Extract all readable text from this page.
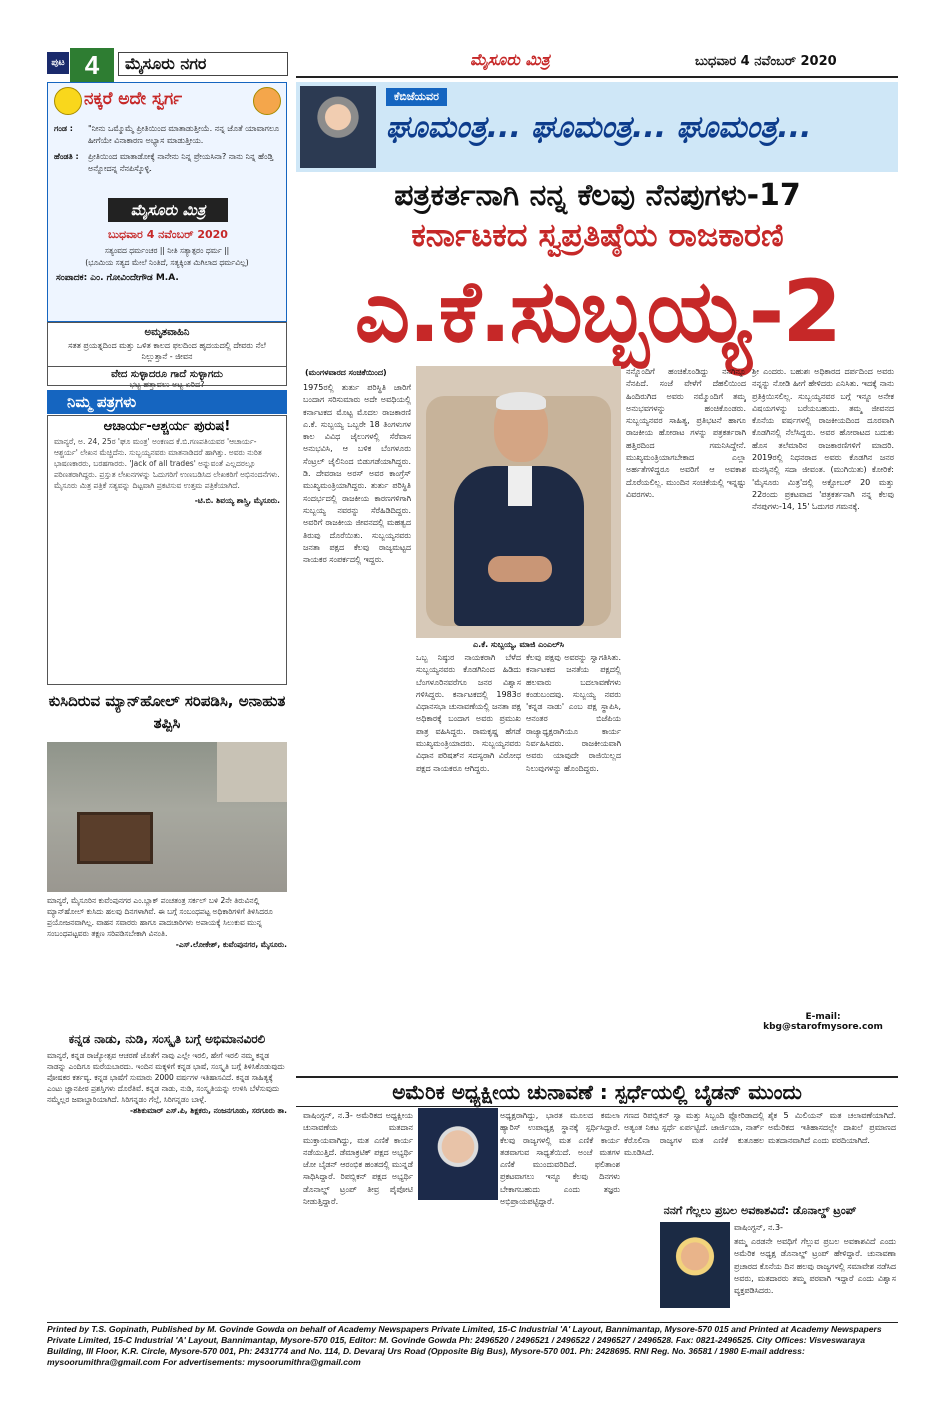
ಪುಟ 4	ಮೈಸೂರು ನಗರ	ಮೈಸೂರು ಮಿತ್ರ	ಬುಧವಾರ 4 ನವೆಂಬರ್ 2020
ನಕ್ಕರೆ ಅದೇ ಸ್ವರ್ಗ
ಗಂಡ :	"ನೀನು ಒಮ್ಮೊಮ್ಮೆ ಪ್ರೀತಿಯಿಂದ ಮಾತಾಡುತ್ತೀಯೆ. ನನ್ನ ಜೊತೆ ಯಾವಾಗಲೂ ಹೀಗೆಯೇ ವಿನಾಕಾರಣ ಅಭ್ಯಾಸ ಮಾಡುತ್ತೀಯ.
ಹೆಂಡತಿ :	ಪ್ರೀತಿಯಿಂದ ಮಾತಾಡೋಕ್ಕೆ ನಾನೇನು ನಿನ್ನ ಪ್ರೇಯಸಿನಾ? ನಾನು ನಿನ್ನ ಹೆಂಡ್ತಿ ಅನ್ನೋದನ್ನ ನೆನಪಿಸ್ಕೊಳ್ಳಿ.
ಮೈಸೂರು ಮಿತ್ರ
ಬುಧವಾರ 4 ನವೆಂಬರ್ 2020
ಸತ್ಯಂವದ ಧರ್ಮಂಚರ || ನೀತಿ ಸತ್ಯಾತ್ಪರಂ ಧರ್ಮ ||
(ಭೂಮಿಯ ಸತ್ಯದ ಮೇಲೆ ನಿಂತಿದೆ, ಸತ್ಯಕ್ಕಿಂತ ಮಿಗಿಲಾದ ಧರ್ಮವಿಲ್ಲ)
ಸಂಪಾದಕ: ಎಂ. ಗೋವಿಂದೇಗೌಡ M.A.
ಅಮೃತವಾಹಿನಿ
ಸತತ ಪ್ರಯತ್ನದಿಂದ ಮತ್ತು ಒಳಿತ ಕಾಲದ ಫಲದಿಂದ ಹೃದಯದಲ್ಲಿ ದೇವರು ನೆಲೆ ನಿಲ್ಲುತ್ತಾನೆ - ಜೀವನ
ವೇದ ಸುಳ್ಳಾದರೂ ಗಾದೆ ಸುಳ್ಳಾಗದು
ಭಟ್ಟ ಹತ್ತಾವಲು ಅಟ್ಟ ಏರಿದ?
ನಿಮ್ಮ ಪತ್ರಗಳು
ಆಚಾರ್ಯ-ಆಶ್ಚರ್ಯ ಪುರುಷ!
ಮಾನ್ಯರೆ, ಅ. 24, 25ರ 'ಘೂ ಮಂತ್ರ' ಅಂಕಣದ ಕೆ.ಬಿ.ಗಣಪತಿಯವರ 'ಆಚಾರ್ಯ-ಆಶ್ಚರ್ಯ' ಲೇಖನ ಮೆಚ್ಚಿದೆನು. ಸುಬ್ಬಯ್ಯನವರು ಮಾತನಾಡಿದರೆ ಹಾಗಿತ್ತು. ಅವರು ನುರಿತ ಭಾಷಣಕಾರರು, ಬರಹಗಾರರು. 'Jack of all trades' ಅನ್ನುವಂತೆ ಎಲ್ಲದರಲ್ಲೂ ಪರಿಣತರಾಗಿದ್ದರು. ಪ್ರಸ್ತುತ ಲೇಖನಗಳನ್ನು ಓದುಗರಿಗೆ ಉಣಬಡಿಸಿದ ಲೇಖಕರಿಗೆ ಅಭಿನಂದನೆಗಳು. ಮೈಸೂರು ಮಿತ್ರ ಪತ್ರಿಕೆ ಸತ್ಯವನ್ನು ದಿಟ್ಟವಾಗಿ ಪ್ರಕಟಿಸುವ ಉತ್ತಮ ಪತ್ರಿಕೆಯಾಗಿದೆ.
-ಟಿ.ಬಿ. ಶಿವಯ್ಯ ಶಾಸ್ತ್ರಿ, ಮೈಸೂರು.
ಕುಸಿದಿರುವ ಮ್ಯಾನ್‌ಹೋಲ್ ಸರಿಪಡಿಸಿ, ಅನಾಹುತ ತಪ್ಪಿಸಿ
ಮಾನ್ಯರೆ, ಮೈಸೂರಿನ ಕುವೆಂಪುನಗರ ಎಂ.ಬ್ಲಾಕ್ ಪಂಚತಂತ್ರ ಸರ್ಕಲ್ ಬಳಿ 2ನೇ ತಿರುವಿನಲ್ಲಿ ಮ್ಯಾನ್‌ಹೋಲ್ ಕುಸಿದು ಹಲವು ದಿನಗಳಾಗಿವೆ. ಈ ಬಗ್ಗೆ ಸಂಬಂಧಪಟ್ಟ ಅಧಿಕಾರಿಗಳಿಗೆ ತಿಳಿಸಿದರೂ ಪ್ರಯೋಜನವಾಗಿಲ್ಲ. ವಾಹನ ಸವಾರರು ಹಾಗೂ ಪಾದಚಾರಿಗಳು ಅಪಾಯಕ್ಕೆ ಸಿಲುಕುವ ಮುನ್ನ ಸಂಬಂಧಪಟ್ಟವರು ತಕ್ಷಣ ಸರಿಪಡಿಸಬೇಕಾಗಿ ವಿನಂತಿ.
-ಎಸ್.ಲೋಕೇಶ್, ಕುವೆಂಪುನಗರ, ಮೈಸೂರು.
ಕನ್ನಡ ನಾಡು, ನುಡಿ, ಸಂಸ್ಕೃತಿ ಬಗ್ಗೆ ಅಭಿಮಾನವಿರಲಿ
ಮಾನ್ಯರೆ, ಕನ್ನಡ ರಾಜ್ಯೋತ್ಸವ ಆಚರಣೆ ಜೊತೆಗೆ ನಾವು ಎಲ್ಲೇ ಇರಲಿ, ಹೇಗೆ ಇರಲಿ ನಮ್ಮ ಕನ್ನಡ ನಾಡನ್ನು ಎಂದಿಗೂ ಮರೆಯಬಾರದು. ಇಂದಿನ ಮಕ್ಕಳಿಗೆ ಕನ್ನಡ ಭಾಷೆ, ಸಂಸ್ಕೃತಿ ಬಗ್ಗೆ ತಿಳಿಸಿಕೊಡುವುದು ಪೋಷಕರ ಕರ್ತವ್ಯ. ಕನ್ನಡ ಭಾಷೆಗೆ ಸುಮಾರು 2000 ವರ್ಷಗಳ ಇತಿಹಾಸವಿದೆ. ಕನ್ನಡ ಸಾಹಿತ್ಯಕ್ಕೆ ಎಂಟು ಜ್ಞಾನಪೀಠ ಪ್ರಶಸ್ತಿಗಳು ದೊರೆತಿವೆ. ಕನ್ನಡ ನಾಡು, ನುಡಿ, ಸಂಸ್ಕೃತಿಯನ್ನು ಉಳಿಸಿ ಬೆಳೆಸುವುದು ನಮ್ಮೆಲ್ಲರ ಜವಾಬ್ದಾರಿಯಾಗಿದೆ. ಸಿರಿಗನ್ನಡಂ ಗೆಲ್ಗೆ, ಸಿರಿಗನ್ನಡಂ ಬಾಳ್ಗೆ.
-ಶಶಿಕುಮಾರ್ ಎಸ್.ಪಿ, ಶಿಕ್ಷಕರು, ನಂಜನಗೂಡು, ಸರಗೂರು ತಾ.
ಕೆಬಿಜೆಯವರ
ಘೂಮಂತ್ರ... ಘೂಮಂತ್ರ... ಘೂಮಂತ್ರ...
ಪತ್ರಕರ್ತನಾಗಿ ನನ್ನ ಕೆಲವು ನೆನಪುಗಳು-17
ಕರ್ನಾಟಕದ ಸ್ವಪ್ರತಿಷ್ಠೆಯ ರಾಜಕಾರಣಿ
ಎ.ಕೆ.ಸುಬ್ಬಯ್ಯ-2
(ಮಂಗಳವಾರದ ಸಂಚಿಕೆಯಿಂದ)
1975ರಲ್ಲಿ ತುರ್ತು ಪರಿಸ್ಥಿತಿ ಜಾರಿಗೆ ಬಂದಾಗ ಸರಿಸುಮಾರು ಅದೇ ಅವಧಿಯಲ್ಲಿ ಕರ್ನಾಟಕದ ಮೊಟ್ಟ ಮೊದಲ ರಾಜಕಾರಣಿ ಎ.ಕೆ. ಸುಬ್ಬಯ್ಯ ಒಬ್ಬರೇ 18 ತಿಂಗಳುಗಳ ಕಾಲ ವಿವಿಧ ಜೈಲುಗಳಲ್ಲಿ ಸೆರೆವಾಸ ಅನುಭವಿಸಿ, ಆ ಬಳಿಕ ಬೆಂಗಳೂರು ಸೆಂಟ್ರಲ್ ಜೈಲಿನಿಂದ ಬಿಡುಗಡೆಯಾಗಿದ್ದರು. ಡಿ. ದೇವರಾಜ ಅರಸ್ ಅವರ ಕಾಂಗ್ರೆಸ್ ಮುಖ್ಯಮಂತ್ರಿಯಾಗಿದ್ದರು. ತುರ್ತು ಪರಿಸ್ಥಿತಿ ಸಂದರ್ಭದಲ್ಲಿ ರಾಜಕೀಯ ಕಾರಣಗಳಿಗಾಗಿ ಸುಬ್ಬಯ್ಯ ನವರನ್ನು ಸೆರೆಹಿಡಿದಿದ್ದರು. ಅವರಿಗೆ ರಾಜಕೀಯ ಜೀವನದಲ್ಲಿ ಮಹತ್ವದ ತಿರುವು ದೊರೆಯಿತು. ಸುಬ್ಬಯ್ಯನವರು ಜನತಾ ಪಕ್ಷದ ಕೆಲವು ರಾಜ್ಯಮಟ್ಟದ ನಾಯಕರ ಸಂಪರ್ಕದಲ್ಲಿ ಇದ್ದರು.
ಎ.ಕೆ. ಸುಬ್ಬಯ್ಯ, ಮಾಜಿ ಎಂಎಲ್‌ಸಿ
ಒಬ್ಬ ನಿಷ್ಠುರ ನಾಯಕರಾಗಿ ಬೆಳೆದ ಸುಬ್ಬಯ್ಯನವರು ಕೊಡಗಿನಿಂದ ಹಿಡಿದು ಬೆಂಗಳೂರಿನವರೆಗೂ ಜನರ ವಿಶ್ವಾಸ ಗಳಿಸಿದ್ದರು. ಕರ್ನಾಟಕದಲ್ಲಿ 1983ರ ವಿಧಾನಸಭಾ ಚುನಾವಣೆಯಲ್ಲಿ ಜನತಾ ಪಕ್ಷ ಅಧಿಕಾರಕ್ಕೆ ಬಂದಾಗ ಅವರು ಪ್ರಮುಖ ಪಾತ್ರ ವಹಿಸಿದ್ದರು. ರಾಮಕೃಷ್ಣ ಹೆಗಡೆ ಮುಖ್ಯಮಂತ್ರಿಯಾದರು. ಸುಬ್ಬಯ್ಯನವರು ವಿಧಾನ ಪರಿಷತ್‌ನ ಸದಸ್ಯರಾಗಿ ವಿರೋಧ ಪಕ್ಷದ ನಾಯಕರೂ ಆಗಿದ್ದರು.
ಕೆಲವು ಪಕ್ಷವು ಅವರನ್ನು ಸ್ವಾಗತಿಸಿತು. ಕರ್ನಾಟಕದ ಜನತೆಯ ಪಕ್ಷದಲ್ಲಿ ಹಲವಾರು ಬದಲಾವಣೆಗಳು ಕಂಡುಬಂದವು. ಸುಬ್ಬಯ್ಯ ನವರು 'ಕನ್ನಡ ನಾಡು' ಎಂಬ ಪಕ್ಷ ಸ್ಥಾಪಿಸಿ, ಆನಂತರ ಬಿಜೆಪಿಯ ರಾಜ್ಯಾಧ್ಯಕ್ಷರಾಗಿಯೂ ಕಾರ್ಯ ನಿರ್ವಹಿಸಿದರು. ರಾಜಕೀಯವಾಗಿ ಅವರು ಯಾವುದೇ ರಾಜಿಯಿಲ್ಲದ ನಿಲುವುಗಳನ್ನು ಹೊಂದಿದ್ದರು.
ನನ್ನೊಂದಿಗೆ ಹಂಚಿಕೊಂಡಿದ್ದು ನನಗಿನ್ನೂ ನೆನಪಿದೆ. ಸಂಜೆ ವೇಳೆಗೆ ದೆಹಲಿಯಿಂದ ಹಿಂದಿರುಗಿದ ಅವರು ನಮ್ಮೊಂದಿಗೆ ತಮ್ಮ ಅನುಭವಗಳನ್ನು ಹಂಚಿಕೊಂಡರು. ಸುಬ್ಬಯ್ಯನವರ ಸಾಹಿತ್ಯ, ಪ್ರತಿಭಟನೆ ಹಾಗೂ ರಾಜಕೀಯ ಹೋರಾಟ ಗಳನ್ನು ಪತ್ರಕರ್ತರಾಗಿ ಹತ್ತಿರದಿಂದ ಗಮನಿಸಿದ್ದೇನೆ. ಮುಖ್ಯಮಂತ್ರಿಯಾಗಬೇಕಾದ ಎಲ್ಲಾ ಅರ್ಹತೆಗಳಿದ್ದರೂ ಅವರಿಗೆ ಆ ಅವಕಾಶ ದೊರೆಯಲಿಲ್ಲ. ಮುಂದಿನ ಸಂಚಿಕೆಯಲ್ಲಿ ಇನ್ನಷ್ಟು ವಿವರಗಳು.
ಶ್ರೀ ಎಂದರು. ಬಹುಶಃ ಅಧಿಕಾರದ ದರ್ಪದಿಂದ ಅವರು ನನ್ನನ್ನು ನೋಡಿ ಹೀಗೆ ಹೇಳಿದರು ಎನಿಸಿತು. ಇದಕ್ಕೆ ನಾನು ಪ್ರತಿಕ್ರಿಯಿಸಲಿಲ್ಲ. ಸುಬ್ಬಯ್ಯನವರ ಬಗ್ಗೆ ಇನ್ನೂ ಅನೇಕ ವಿಷಯಗಳನ್ನು ಬರೆಯಬಹುದು. ತಮ್ಮ ಜೀವನದ ಕೊನೆಯ ವರ್ಷಗಳಲ್ಲಿ ರಾಜಕೀಯದಿಂದ ದೂರವಾಗಿ ಕೊಡಗಿನಲ್ಲಿ ನೆಲೆಸಿದ್ದರು. ಅವರ ಹೋರಾಟದ ಬದುಕು ಹೊಸ ತಲೆಮಾರಿನ ರಾಜಕಾರಣಿಗಳಿಗೆ ಮಾದರಿ. 2019ರಲ್ಲಿ ನಿಧನರಾದ ಅವರು ಕೊಡಗಿನ ಜನರ ಮನಸ್ಸಿನಲ್ಲಿ ಸದಾ ಜೀವಂತ. (ಮುಗಿಯಿತು) ಕೋರಿಕೆ: 'ಮೈಸೂರು ಮಿತ್ರ'ದಲ್ಲಿ ಅಕ್ಟೋಬರ್ 20 ಮತ್ತು 22ರಂದು ಪ್ರಕಟವಾದ 'ಪತ್ರಕರ್ತನಾಗಿ ನನ್ನ ಕೆಲವು ನೆನಪುಗಳು-14, 15' ಓದುಗರ ಗಮನಕ್ಕೆ.
E-mail: kbg@starofmysore.com
ಅಮೆರಿಕ ಅಧ್ಯಕ್ಷೀಯ ಚುನಾವಣೆ : ಸ್ಪರ್ಧೆಯಲ್ಲಿ ಬೈಡನ್ ಮುಂದು
ವಾಷಿಂಗ್ಟನ್, ನ.3- ಅಮೆರಿಕದ ಅಧ್ಯಕ್ಷೀಯ ಚುನಾವಣೆಯ ಮತದಾನ ಮುಕ್ತಾಯವಾಗಿದ್ದು, ಮತ ಎಣಿಕೆ ಕಾರ್ಯ ನಡೆಯುತ್ತಿದೆ. ಡೆಮಾಕ್ರಟಿಕ್ ಪಕ್ಷದ ಅಭ್ಯರ್ಥಿ ಜೋ ಬೈಡನ್ ಆರಂಭಿಕ ಹಂತದಲ್ಲಿ ಮುನ್ನಡೆ ಸಾಧಿಸಿದ್ದಾರೆ. ರಿಪಬ್ಲಿಕನ್ ಪಕ್ಷದ ಅಭ್ಯರ್ಥಿ ಡೊನಾಲ್ಡ್ ಟ್ರಂಪ್ ತೀವ್ರ ಪೈಪೋಟಿ ನೀಡುತ್ತಿದ್ದಾರೆ.
ಅಧ್ಯಕ್ಷರಾಗಿದ್ದು, ಭಾರತ ಮೂಲದ ಕಮಲಾ ಹ್ಯಾರಿಸ್ ಉಪಾಧ್ಯಕ್ಷ ಸ್ಥಾನಕ್ಕೆ ಸ್ಪರ್ಧಿಸಿದ್ದಾರೆ. ಕೆಲವು ರಾಜ್ಯಗಳಲ್ಲಿ ಮತ ಎಣಿಕೆ ಕಾರ್ಯ ತಡವಾಗುವ ಸಾಧ್ಯತೆಯಿದೆ. ಅಂಚೆ ಮತಗಳ ಎಣಿಕೆ ಮುಂದುವರಿದಿದೆ. ಫಲಿತಾಂಶ ಪ್ರಕಟವಾಗಲು ಇನ್ನೂ ಕೆಲವು ದಿನಗಳು ಬೇಕಾಗಬಹುದು ಎಂದು ತಜ್ಞರು ಅಭಿಪ್ರಾಯಪಟ್ಟಿದ್ದಾರೆ.
ಗಣದ ರಿಪಬ್ಲಿಕನ್ ಸ್ವಾ ಮತ್ತು ಸಿಬ್ಬಂದಿ ಫ್ಲೋರಿಡಾದಲ್ಲಿ ಅತ್ಯಂತ ನಿಕಟ ಸ್ಪರ್ಧೆ ಏರ್ಪಟ್ಟಿದೆ. ಜಾರ್ಜಿಯಾ, ನಾರ್ತ್ ಕೆರೊಲಿನಾ ರಾಜ್ಯಗಳ ಮತ ಎಣಿಕೆ ಕುತೂಹಲ ಮೂಡಿಸಿದೆ.
ಶೈಕ 5 ಮಿಲಿಯನ್ ಮತ ಚಲಾವಣೆಯಾಗಿದೆ. ಅಮೆರಿಕದ ಇತಿಹಾಸದಲ್ಲೇ ದಾಖಲೆ ಪ್ರಮಾಣದ ಮತದಾನವಾಗಿದೆ ಎಂದು ವರದಿಯಾಗಿದೆ.
ನನಗೆ ಗೆಲ್ಲಲು ಪ್ರಬಲ ಅವಕಾಶವಿದೆ: ಡೊನಾಲ್ಡ್ ಟ್ರಂಪ್
ವಾಷಿಂಗ್ಟನ್, ನ.3-
ತಮ್ಮ ಎರಡನೇ ಅವಧಿಗೆ ಗೆಲ್ಲುವ ಪ್ರಬಲ ಅವಕಾಶವಿದೆ ಎಂದು ಅಮೆರಿಕ ಅಧ್ಯಕ್ಷ ಡೊನಾಲ್ಡ್ ಟ್ರಂಪ್ ಹೇಳಿದ್ದಾರೆ. ಚುನಾವಣಾ ಪ್ರಚಾರದ ಕೊನೆಯ ದಿನ ಹಲವು ರಾಜ್ಯಗಳಲ್ಲಿ ಸಮಾವೇಶ ನಡೆಸಿದ ಅವರು, ಮತದಾರರು ತಮ್ಮ ಪರವಾಗಿ ಇದ್ದಾರೆ ಎಂದು ವಿಶ್ವಾಸ ವ್ಯಕ್ತಪಡಿಸಿದರು.
Printed by T.S. Gopinath, Published by M. Govinde Gowda on behalf of Academy Newspapers Private Limited, 15-C Industrial 'A' Layout, Bannimantap, Mysore-570 015 and Printed at Academy Newspapers Private Limited, 15-C Industrial 'A' Layout, Bannimantap, Mysore-570 015, Editor: M. Govinde Gowda Ph: 2496520 / 2496521 / 2496522 / 2496527 / 2496528. Fax: 0821-2496525. City Offices: Visveswaraya Building, III Floor, K.R. Circle, Mysore-570 001, Ph: 2431774 and No. 114, D. Devaraj Urs Road (Opposite Big Bus), Mysore-570 001. Ph: 2428695. RNI Reg. No. 36581 / 1980 E-mail address: mysoorumithra@gmail.com For advertisements: mysoorumithra@gmail.com
